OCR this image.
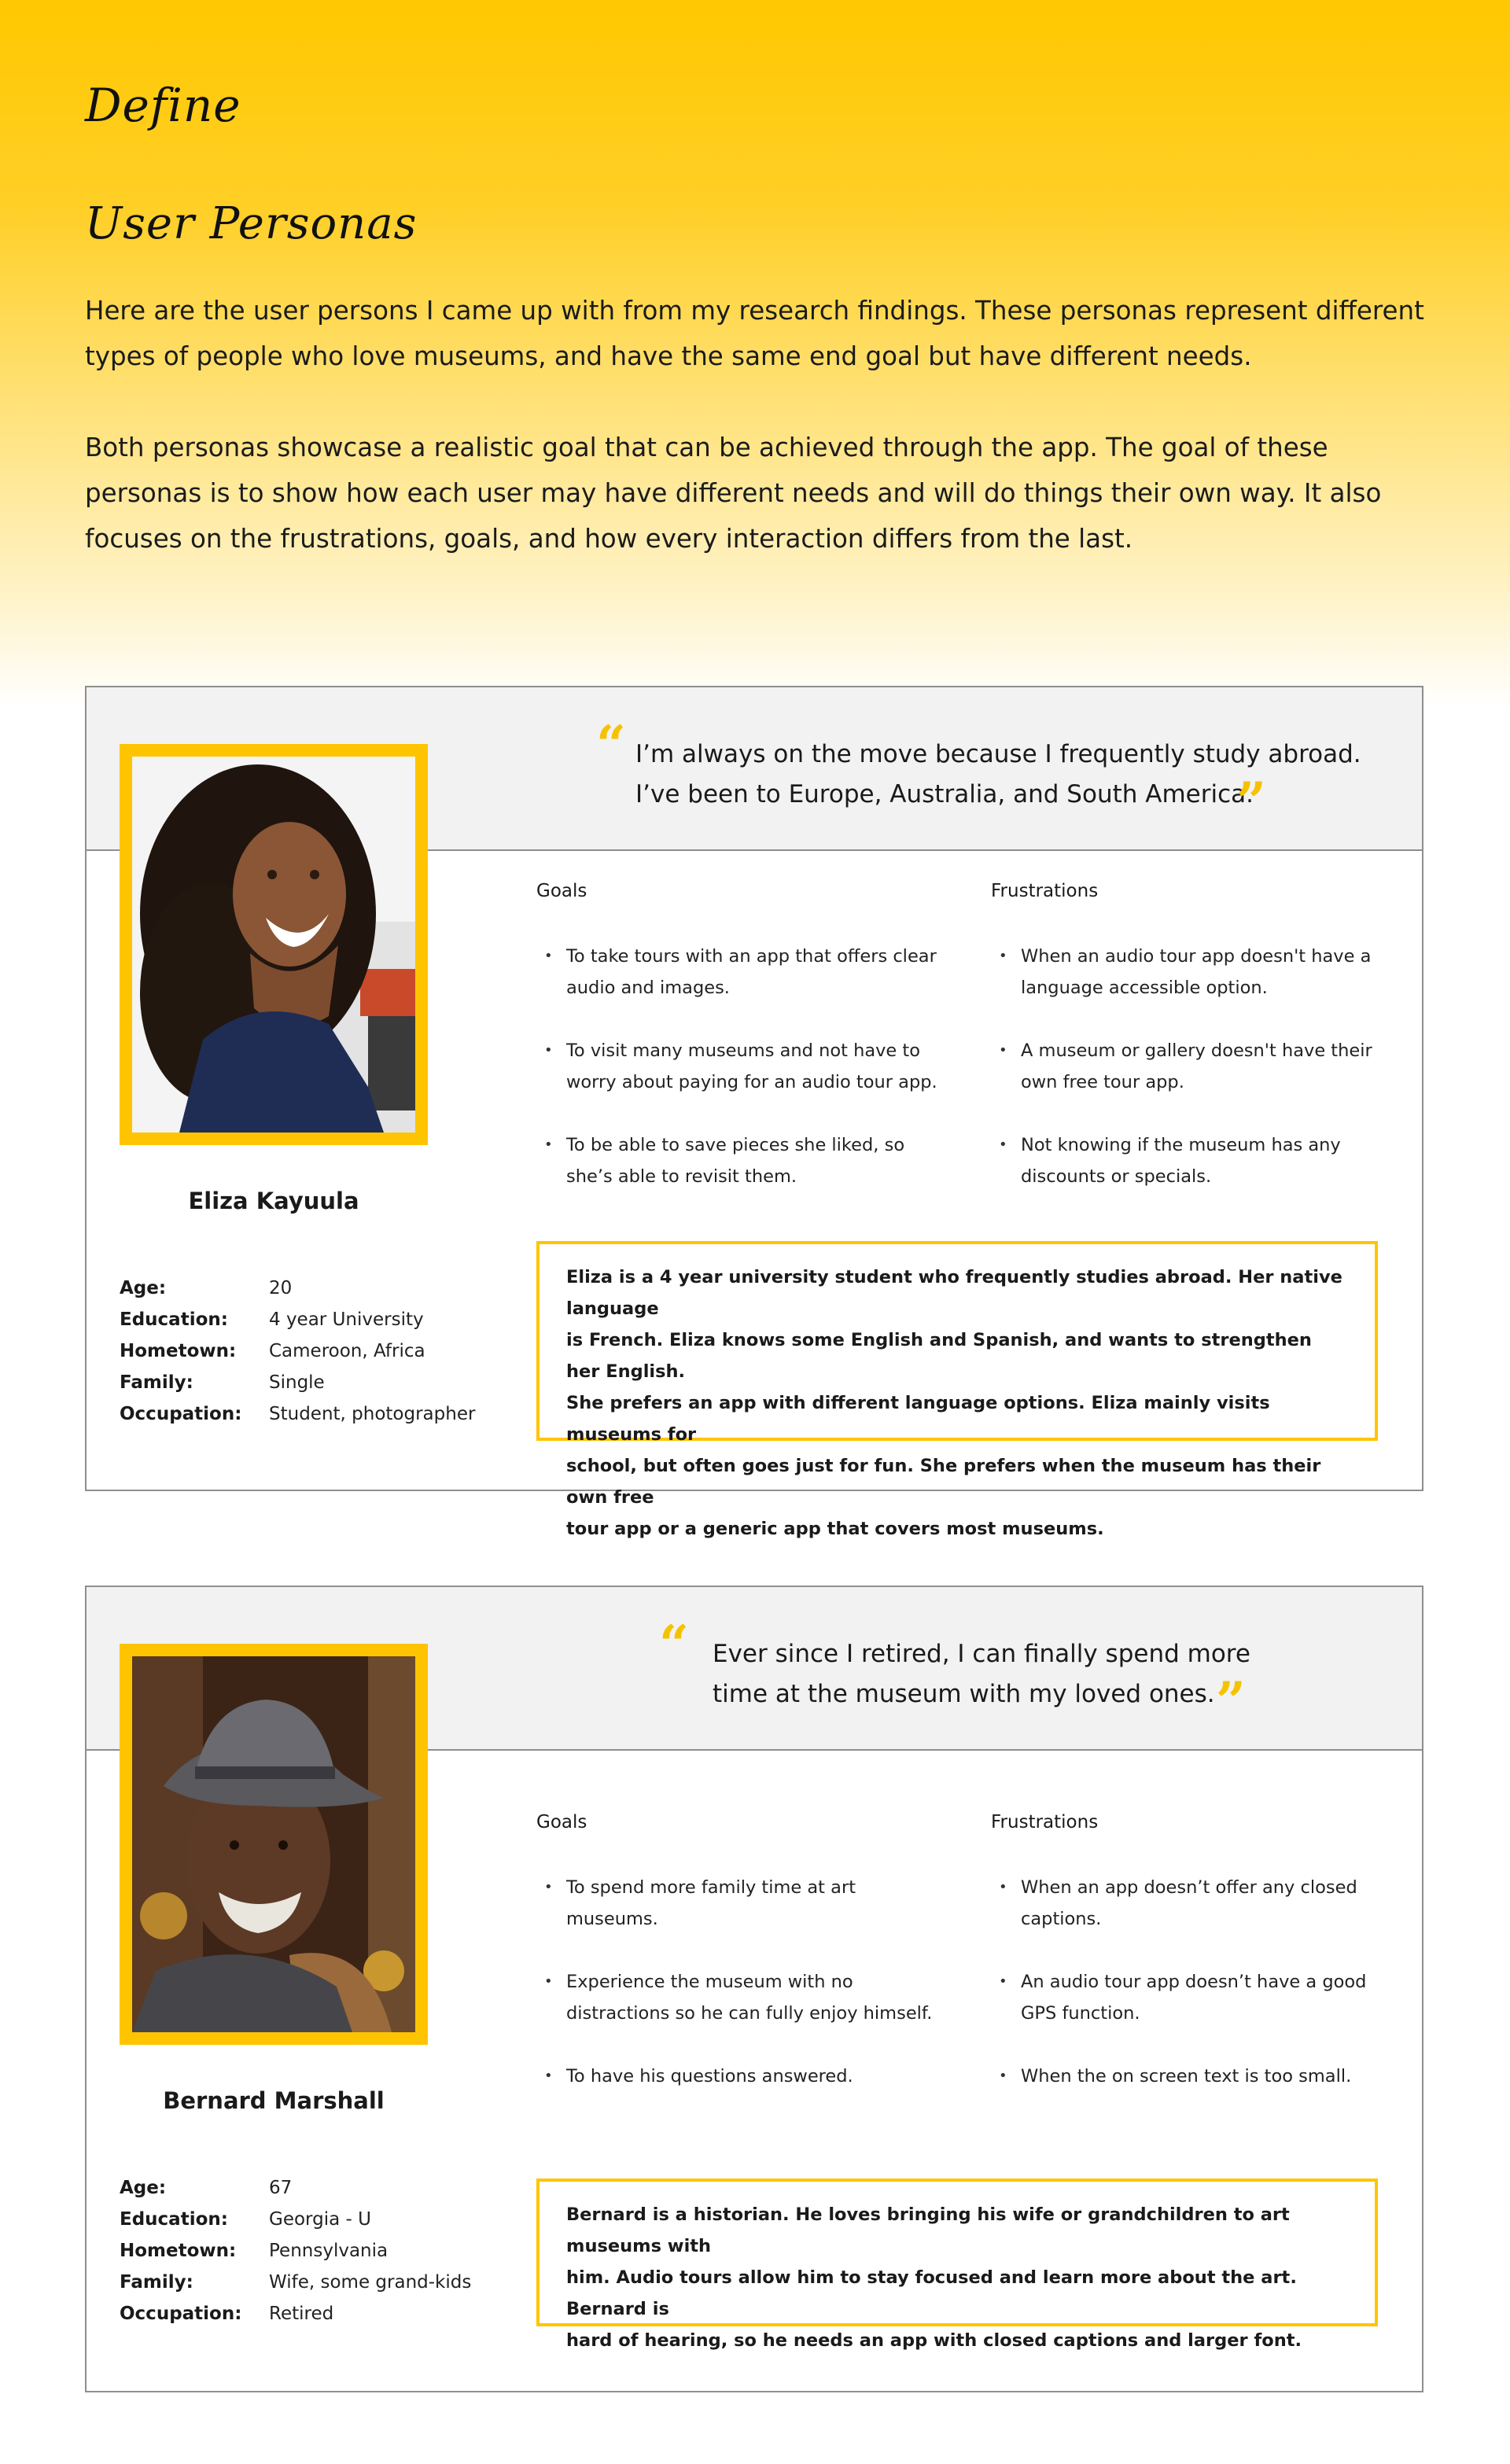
Define
User Personas

Here are the user persons I came up with from my research findings. These personas represent different types of people who love museums, and have the same end goal but have different needs.

Both personas showcase a realistic goal that can be achieved through the app. The goal of these personas is to show how each user may have different needs and will do things their own way. It also focuses on the frustrations, goals, and how every interaction differs from the last.

“ I’m always on the move because I frequently study abroad.
I’ve been to Europe, Australia, and South America.
”
Eliza Kayuula
Age:	20
Education: 4 year University
Hometown: Cameroon, Africa
Family:	Single
Occupation: Student, photographer
Goals	Frustrations
• To take tours with an app that offers clear
audio and images.
• To visit many museums and not have to
worry about paying for an audio tour app.
• To be able to save pieces she liked, so
she’s able to revisit them.
• When an audio tour app doesn't have a
language accessible option.
• A museum or gallery doesn't have their
own free tour app.
• Not knowing if the museum has any
discounts or specials.
Eliza is a 4 year university student who frequently studies abroad. Her native language
is French. Eliza knows some English and Spanish, and wants to strengthen her English.
She prefers an app with different language options. Eliza mainly visits museums for
school, but often goes just for fun. She prefers when the museum has their own free
tour app or a generic app that covers most museums.
“ Ever since I retired, I can finally spend more
time at the museum with my loved ones. ”
Bernard Marshall
Age:	67
Education: Georgia - U
Hometown: Pennsylvania
Family:	Wife, some grand-kids
Occupation: Retired
Goals	Frustrations
• To spend more family time at art museums.
• Experience the museum with no
distractions so he can fully enjoy himself.
• To have his questions answered.
• When an app doesn’t offer any closed
captions.
• An audio tour app doesn’t have a good
GPS function.
• When the on screen text is too small.
Bernard is a historian. He loves bringing his wife or grandchildren to art museums with
him. Audio tours allow him to stay focused and learn more about the art. Bernard is
hard of hearing, so he needs an app with closed captions and larger font.
